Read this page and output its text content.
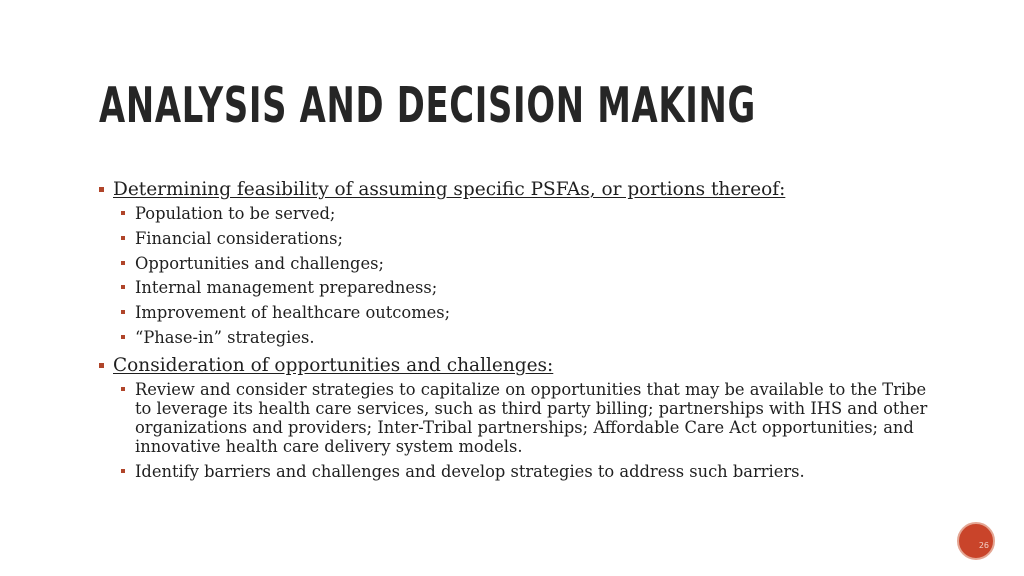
ANALYSIS AND DECISION MAKING
Determining feasibility of assuming specific PSFAs, or portions thereof:
Population to be served;
Financial considerations;
Opportunities and challenges;
Internal management preparedness;
Improvement of healthcare outcomes;
“Phase-in” strategies.
Consideration of opportunities and challenges:
Review and consider strategies to capitalize on opportunities that may be available to the Tribe to leverage its health care services, such as third party billing; partnerships with IHS and other organizations and providers; Inter-Tribal partnerships; Affordable Care Act opportunities; and innovative health care delivery system models.
Identify barriers and challenges and develop strategies to address such barriers.
26
